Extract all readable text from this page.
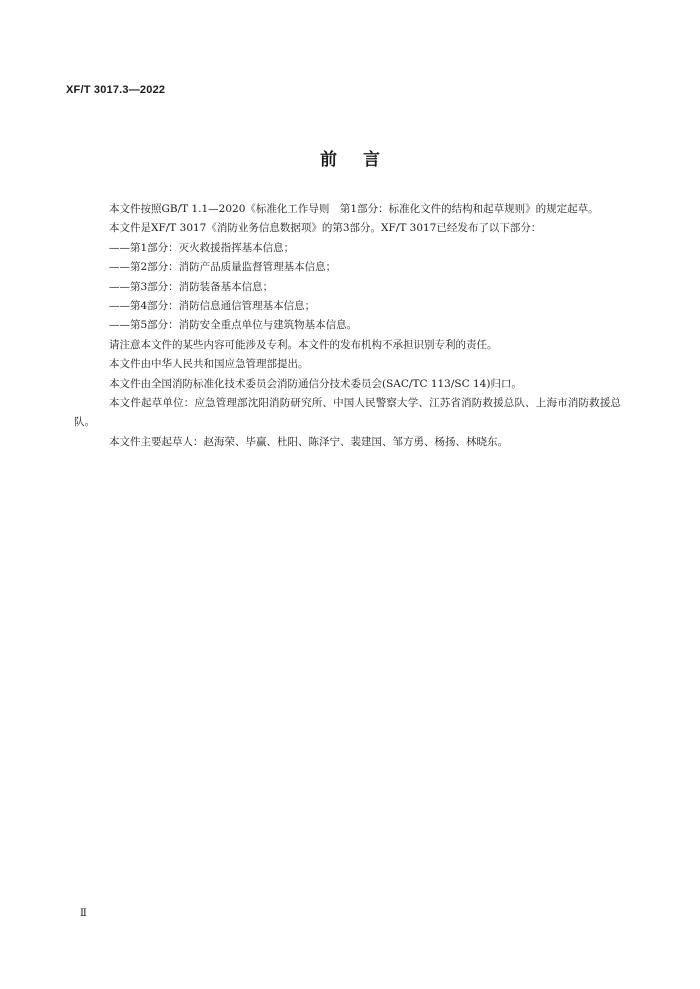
XF/T 3017.3—2022
前言

本文件按照GB/T 1.1—2020《标准化工作导则　第1部分：标准化文件的结构和起草规则》的规定起草。

本文件是XF/T 3017《消防业务信息数据项》的第3部分。XF/T 3017已经发布了以下部分：

——第1部分：灭火救援指挥基本信息；

——第2部分：消防产品质量监督管理基本信息；

——第3部分：消防装备基本信息；

——第4部分：消防信息通信管理基本信息；

——第5部分：消防安全重点单位与建筑物基本信息。

请注意本文件的某些内容可能涉及专利。本文件的发布机构不承担识别专利的责任。

本文件由中华人民共和国应急管理部提出。

本文件由全国消防标准化技术委员会消防通信分技术委员会(SAC/TC 113/SC 14)归口。

本文件起草单位：应急管理部沈阳消防研究所、中国人民警察大学、江苏省消防救援总队、上海市消防救援总队。

本文件主要起草人：赵海荣、毕赢、杜阳、陈泽宁、裴建国、邹方勇、杨扬、林晓东。

Ⅱ
